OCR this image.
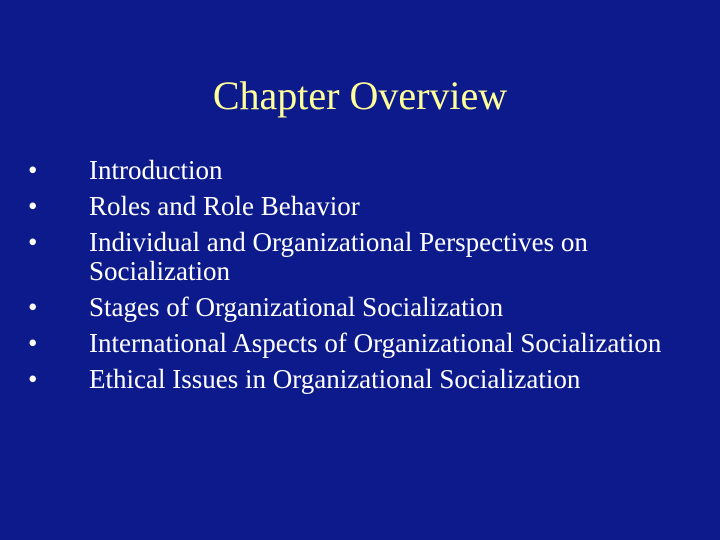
Chapter Overview
•	Introduction
•	Roles and Role Behavior
•	Individual and Organizational Perspectives on Socialization
•	Stages of Organizational Socialization
•	International Aspects of Organizational Socialization
•	Ethical Issues in Organizational Socialization
